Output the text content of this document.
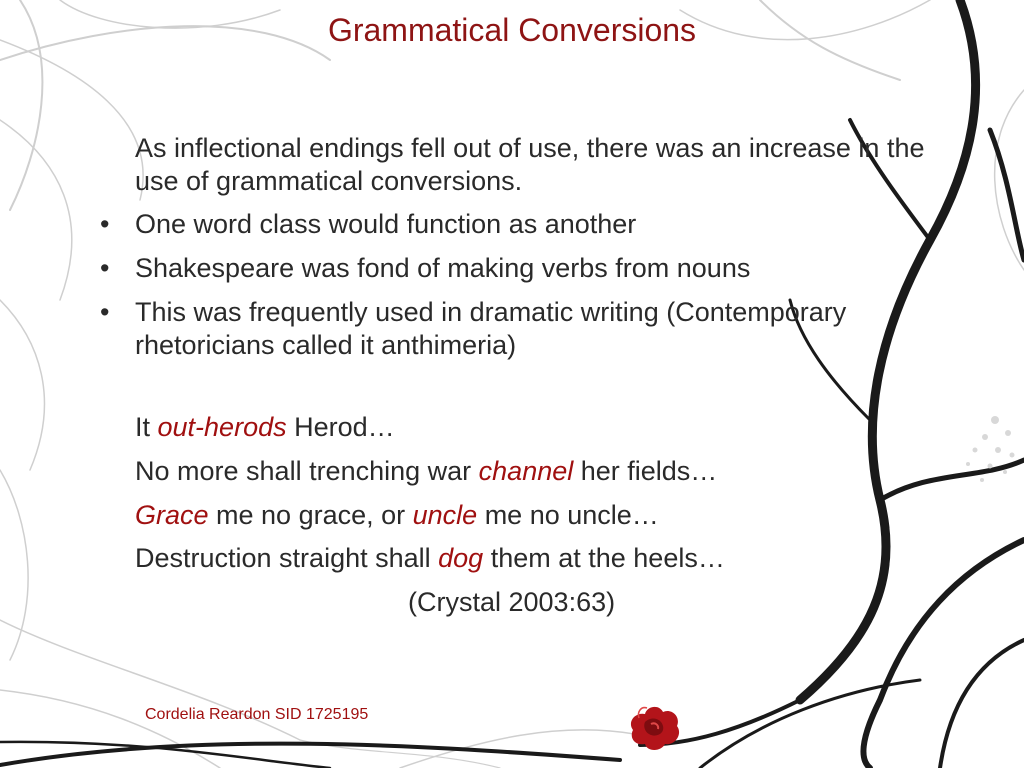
Grammatical Conversions

As inflectional endings fell out of use, there was an increase in the use of grammatical conversions.

• One word class would function as another
• Shakespeare was fond of making verbs from nouns
• This was frequently used in dramatic writing (Contemporary rhetoricians called it anthimeria)
It out-herods Herod…
No more shall trenching war channel her fields…
Grace me no grace, or uncle me no uncle…
Destruction straight shall dog them at the heels…
(Crystal 2003:63)
Cordelia Reardon SID 1725195
